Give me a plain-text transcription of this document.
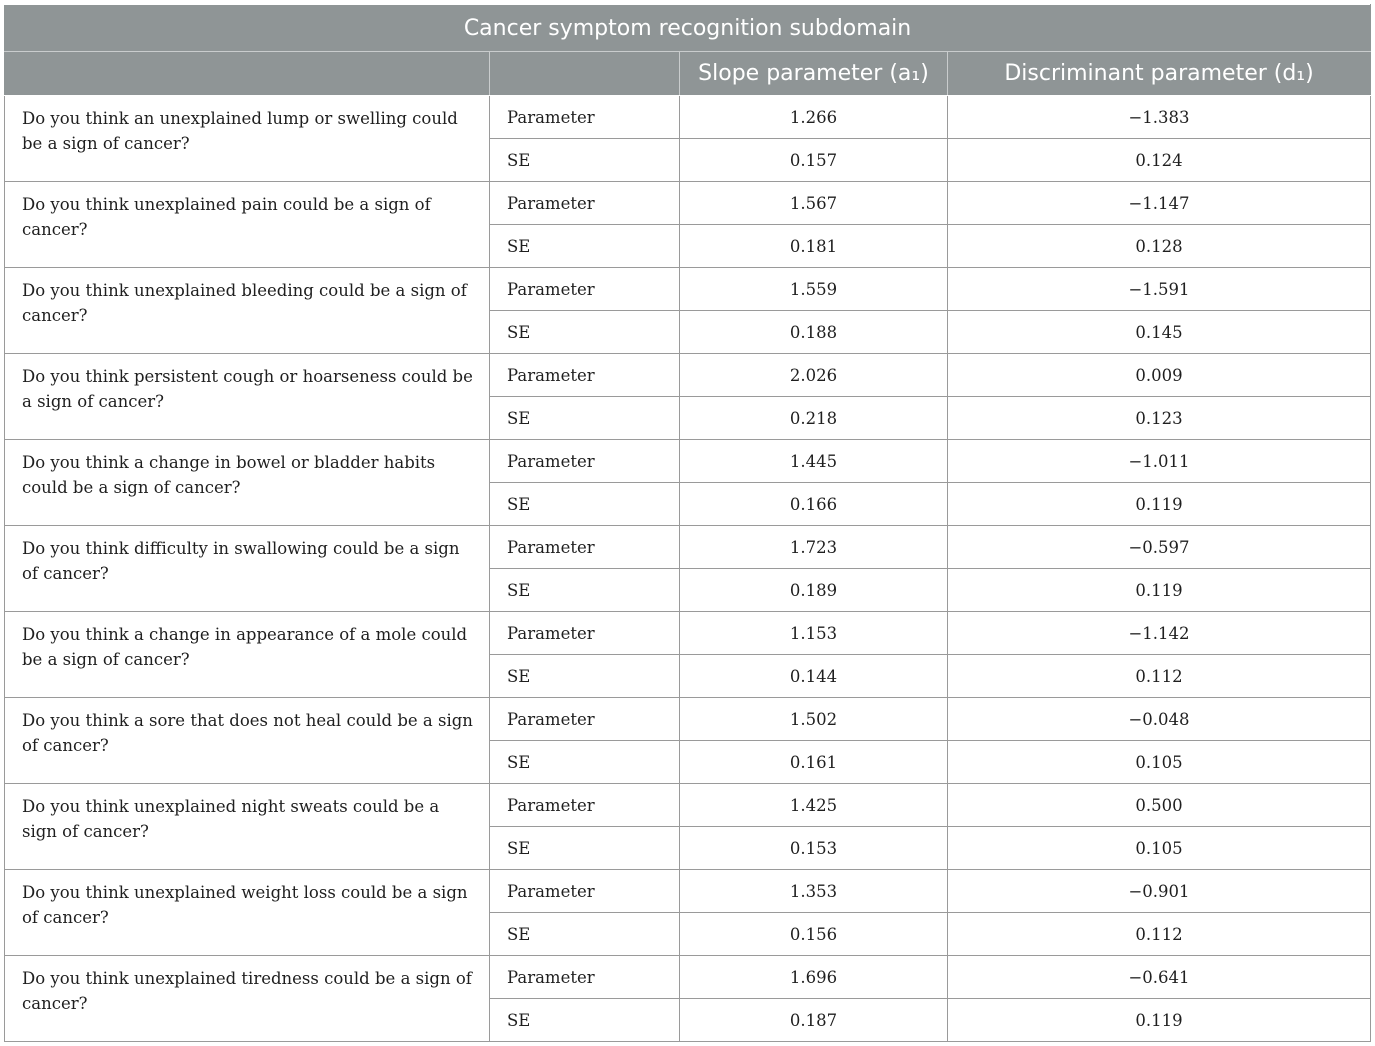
Cancer symptom recognition subdomain			
		Slope parameter (a₁)	Discriminant parameter (d₁)
Do you think an unexplained lump or swelling could be a sign of cancer?	Parameter	1.266	−1.383
	SE	0.157	0.124
Do you think unexplained pain could be a sign of cancer?	Parameter	1.567	−1.147
	SE	0.181	0.128
Do you think unexplained bleeding could be a sign of cancer?	Parameter	1.559	−1.591
	SE	0.188	0.145
Do you think persistent cough or hoarseness could be a sign of cancer?	Parameter	2.026	0.009
	SE	0.218	0.123
Do you think a change in bowel or bladder habits could be a sign of cancer?	Parameter	1.445	−1.011
	SE	0.166	0.119
Do you think difficulty in swallowing could be a sign of cancer?	Parameter	1.723	−0.597
	SE	0.189	0.119
Do you think a change in appearance of a mole could be a sign of cancer?	Parameter	1.153	−1.142
	SE	0.144	0.112
Do you think a sore that does not heal could be a sign of cancer?	Parameter	1.502	−0.048
	SE	0.161	0.105
Do you think unexplained night sweats could be a sign of cancer?	Parameter	1.425	0.500
	SE	0.153	0.105
Do you think unexplained weight loss could be a sign of cancer?	Parameter	1.353	−0.901
	SE	0.156	0.112
Do you think unexplained tiredness could be a sign of cancer?	Parameter	1.696	−0.641
	SE	0.187	0.119
